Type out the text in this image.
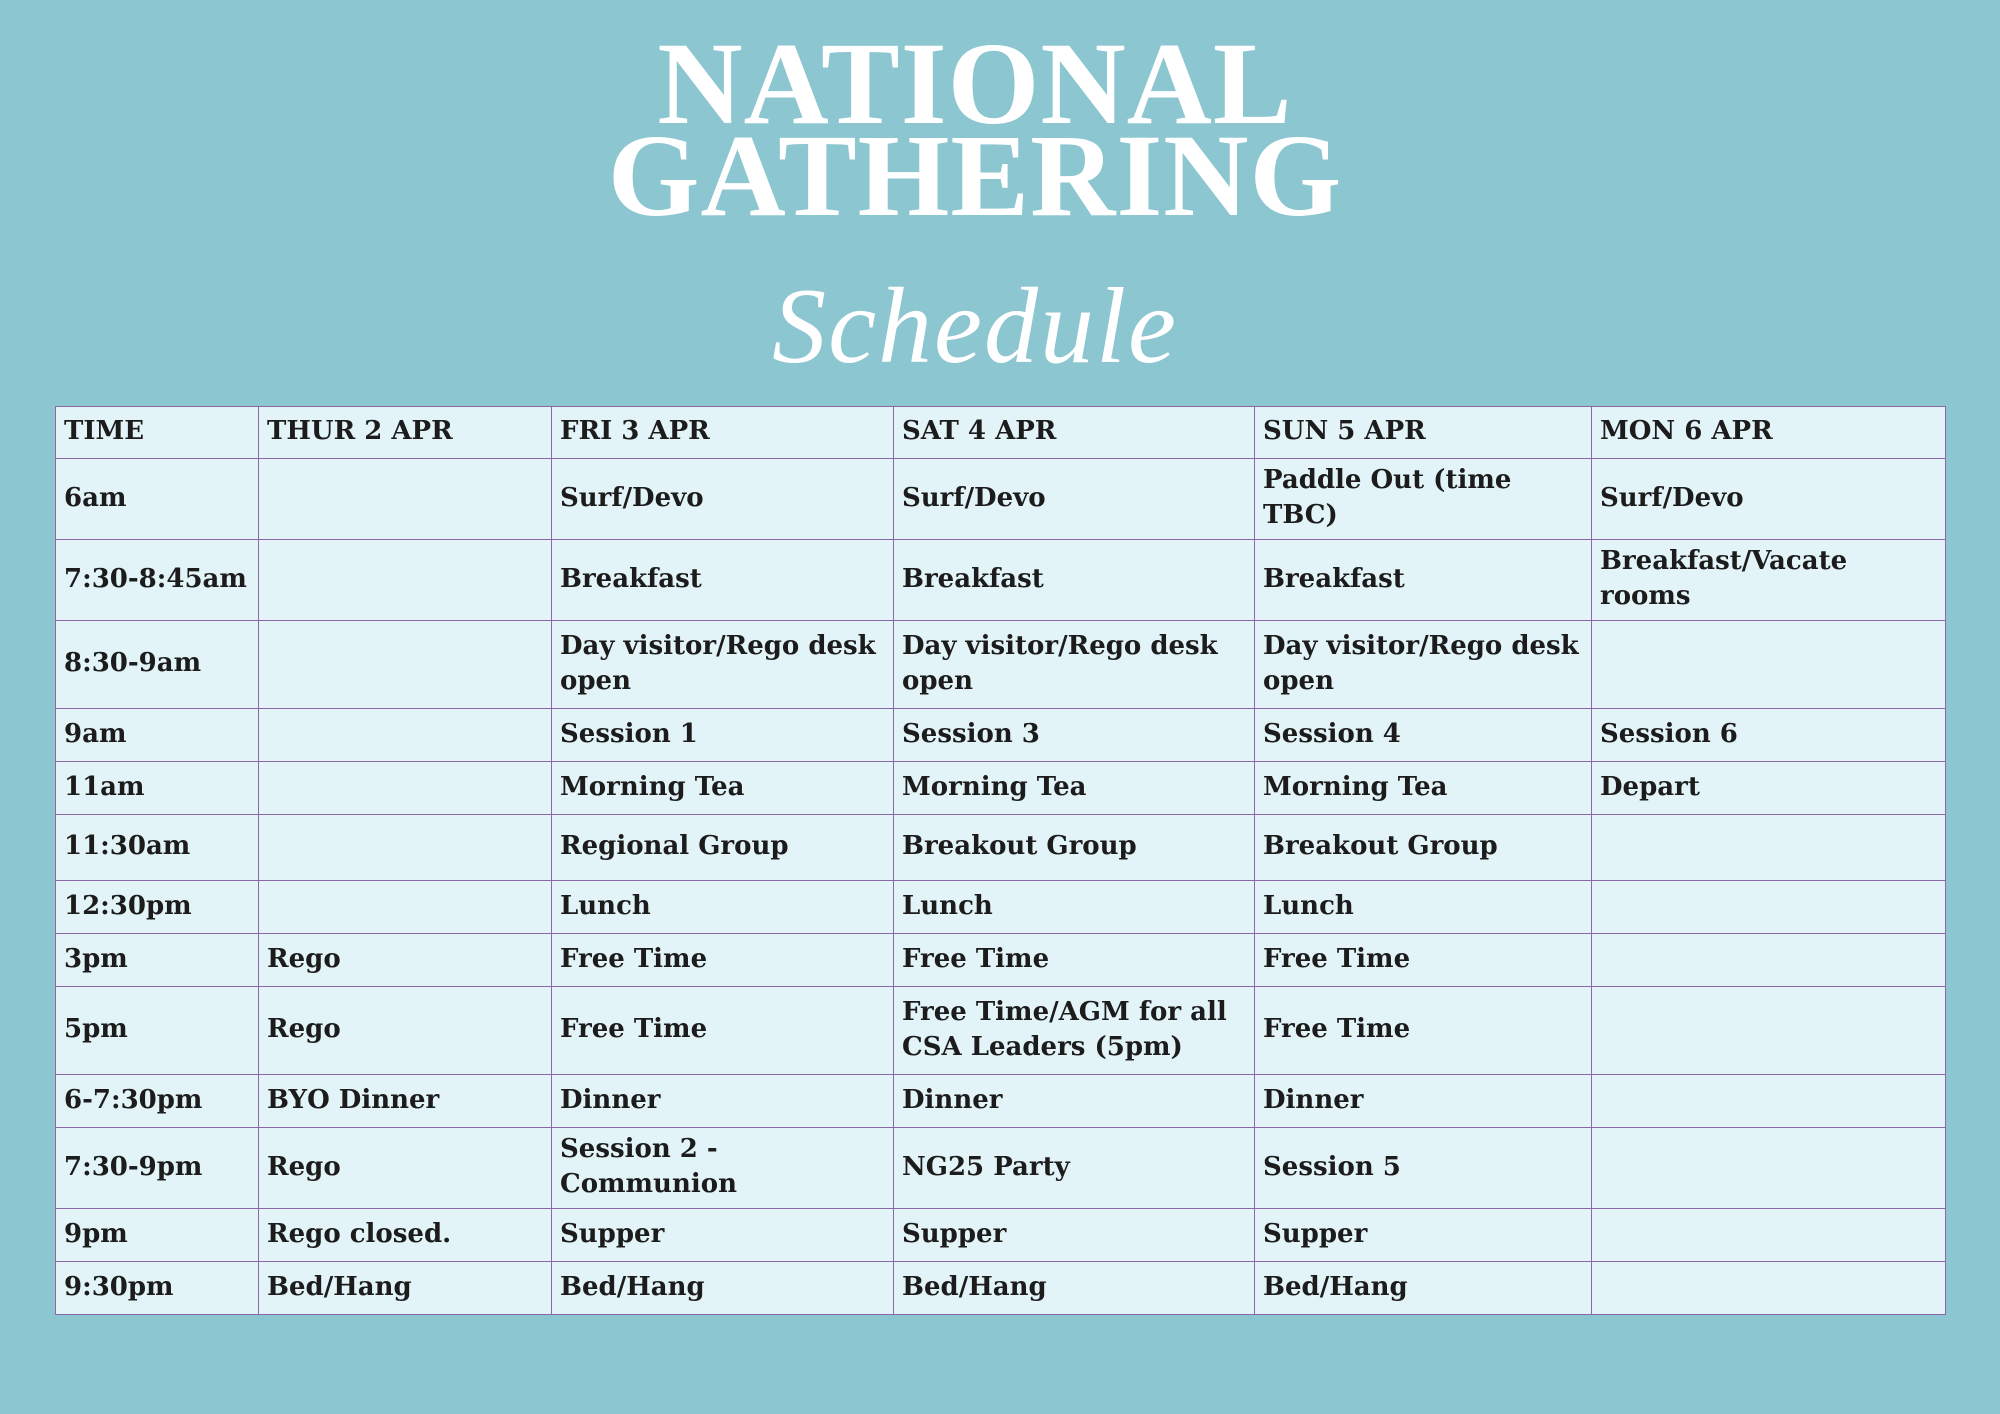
NATIONAL
GATHERING
Schedule
TIME	THUR 2 APR	FRI 3 APR	SAT 4 APR	SUN 5 APR	MON 6 APR
6am		Surf/Devo	Surf/Devo	Paddle Out (time TBC)	Surf/Devo
7:30-8:45am		Breakfast	Breakfast	Breakfast	Breakfast/Vacate rooms
8:30-9am		Day visitor/Rego desk open	Day visitor/Rego desk open	Day visitor/Rego desk open	
9am		Session 1	Session 3	Session 4	Session 6
11am		Morning Tea	Morning Tea	Morning Tea	Depart
11:30am		Regional Group	Breakout Group	Breakout Group	
12:30pm		Lunch	Lunch	Lunch	
3pm	Rego	Free Time	Free Time	Free Time	
5pm	Rego	Free Time	Free Time/AGM for all CSA Leaders (5pm)	Free Time	
6-7:30pm	BYO Dinner	Dinner	Dinner	Dinner	
7:30-9pm	Rego	Session 2 - Communion	NG25 Party	Session 5	
9pm	Rego closed.	Supper	Supper	Supper	
9:30pm	Bed/Hang	Bed/Hang	Bed/Hang	Bed/Hang	
